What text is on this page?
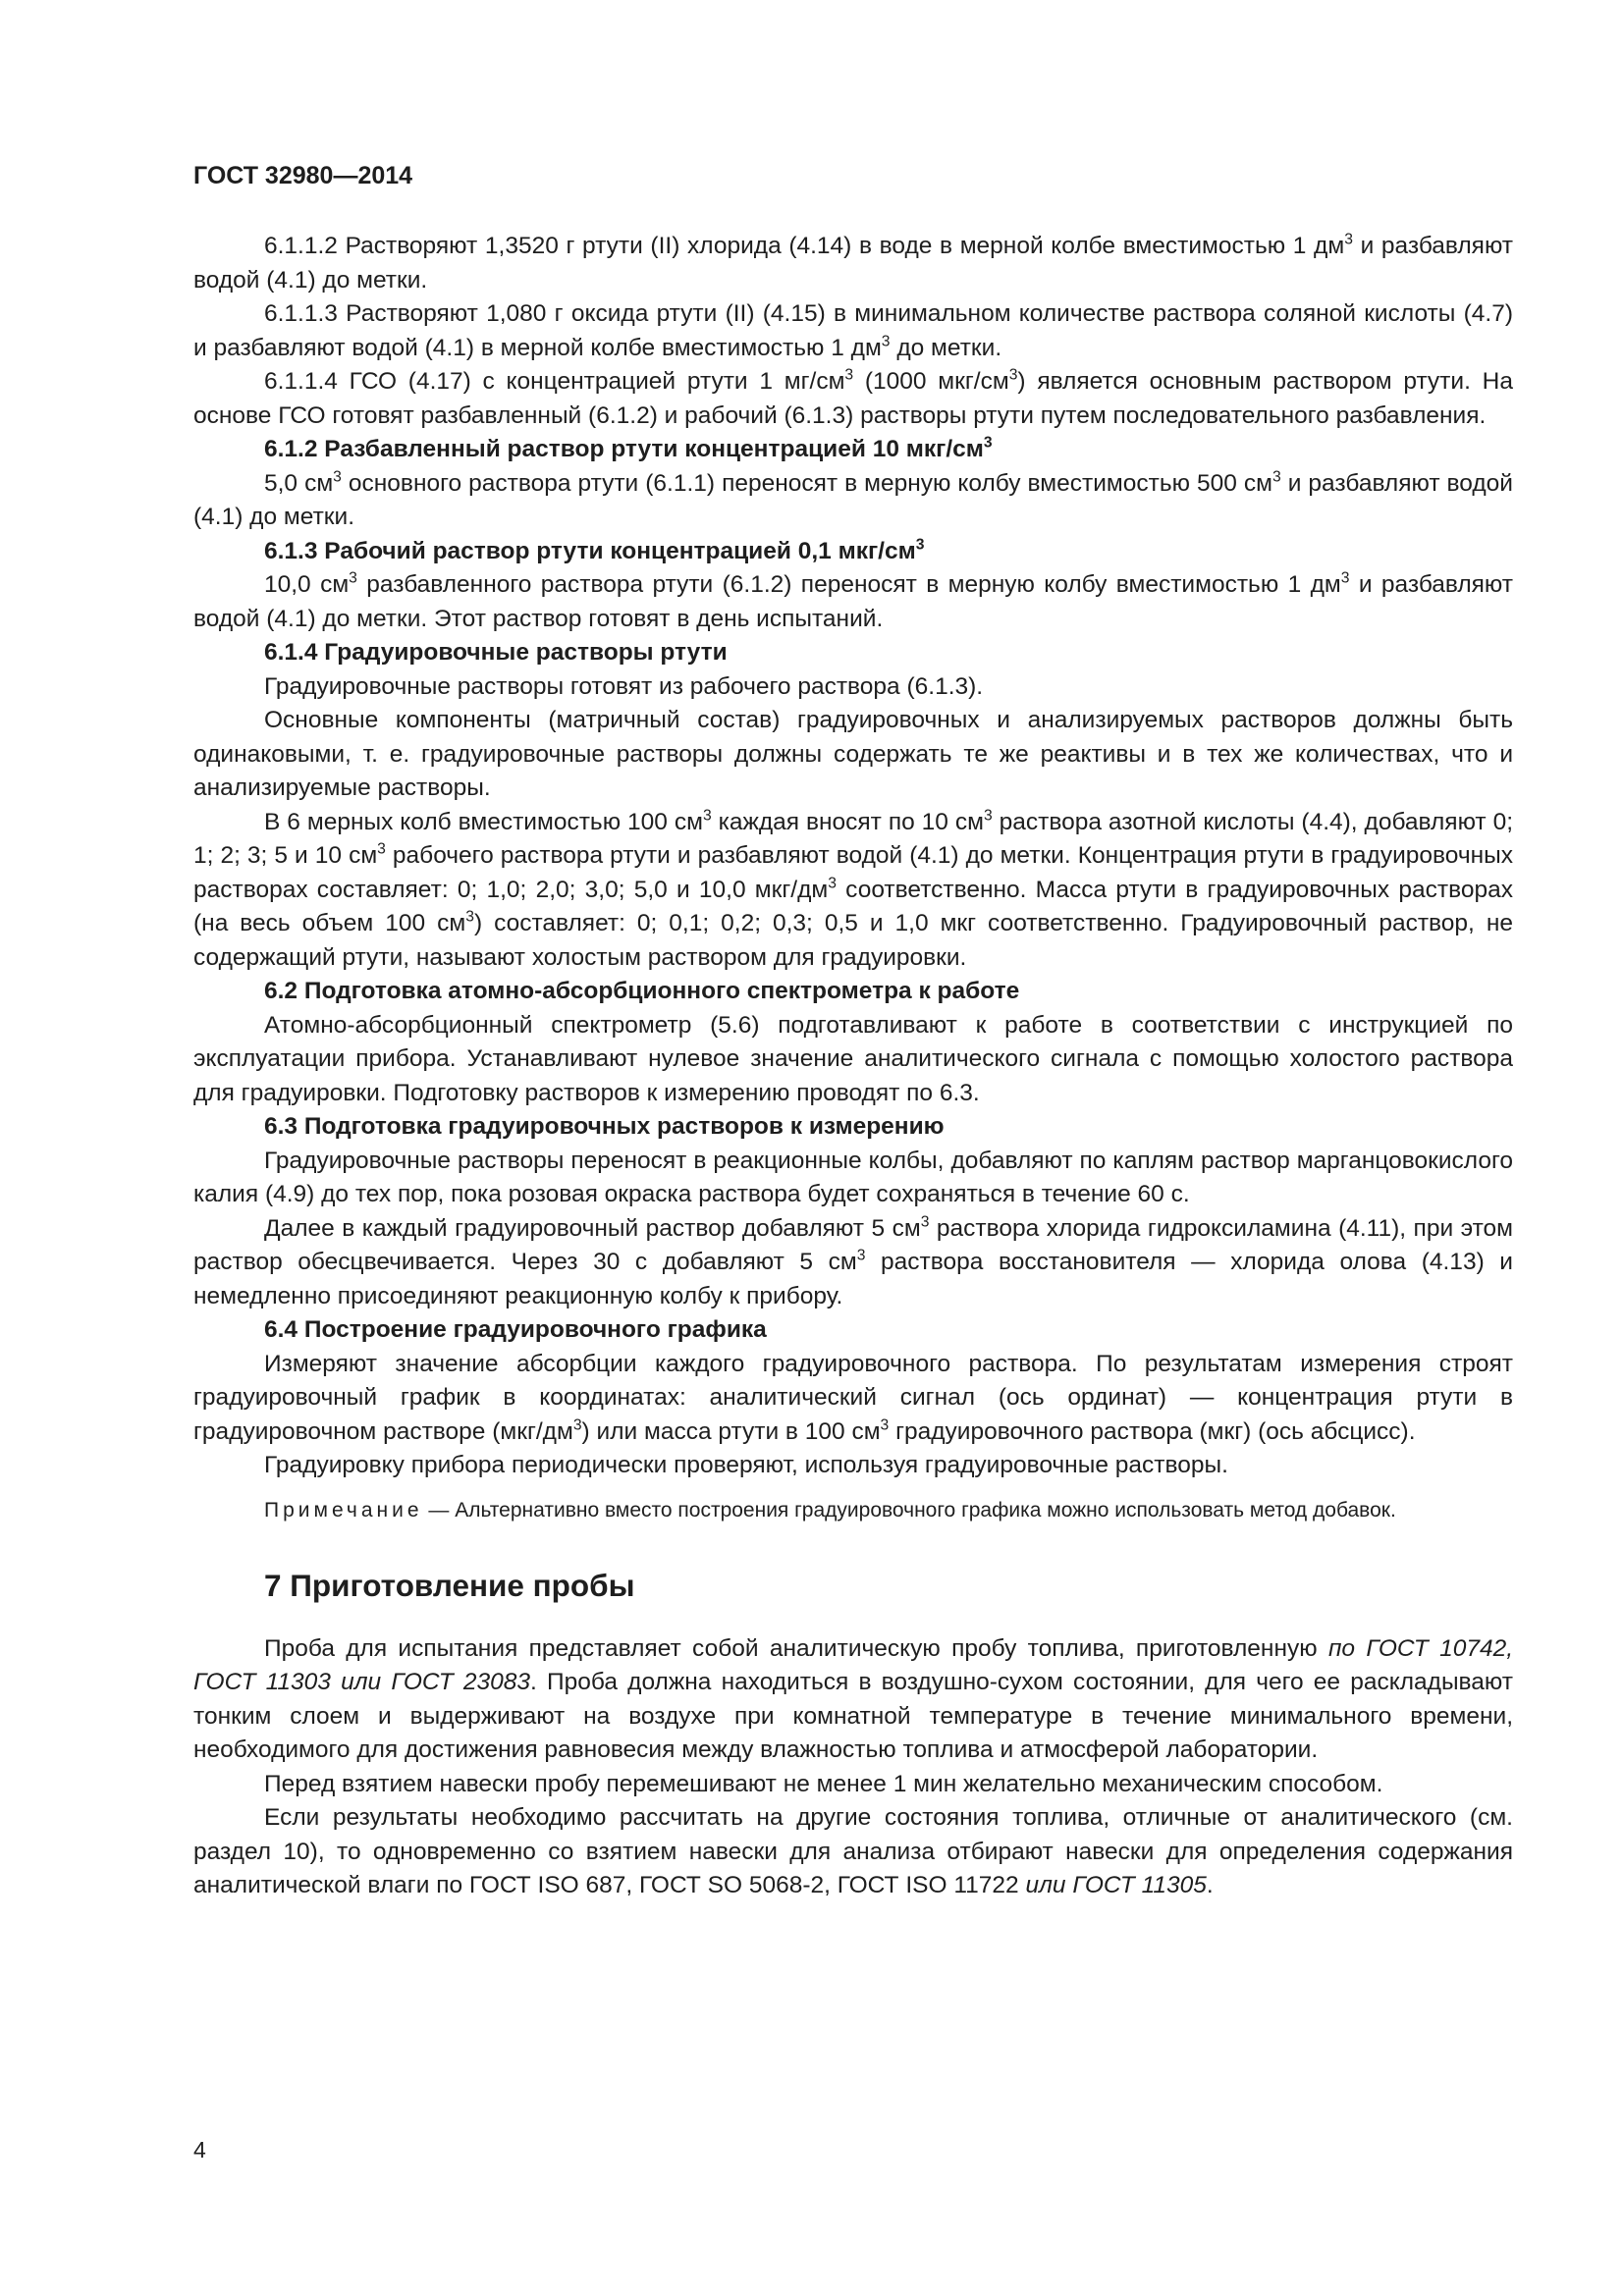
ГОСТ 32980—2014

6.1.1.2 Растворяют 1,3520 г ртути (II) хлорида (4.14) в воде в мерной колбе вместимостью 1 $дм^3$ и разбавляют водой (4.1) до метки.

6.1.1.3 Растворяют 1,080 г оксида ртути (II) (4.15) в минимальном количестве раствора соляной кислоты (4.7) и разбавляют водой (4.1) в мерной колбе вместимостью 1 $дм^3$ до метки.

6.1.1.4 ГСО (4.17) с концентрацией ртути 1 $мг/см^3$ (1000 мкг/$см^3$) является основным раствором ртути. На основе ГСО готовят разбавленный (6.1.2) и рабочий (6.1.3) растворы ртути путем последовательного разбавления.

6.1.2 Разбавленный раствор ртути концентрацией 10 мкг/$см^3$

5,0 $см^3$ основного раствора ртути (6.1.1) переносят в мерную колбу вместимостью 500 $см^3$ и разбавляют водой (4.1) до метки.

6.1.3 Рабочий раствор ртути концентрацией 0,1 мкг/$см^3$

10,0 $см^3$ разбавленного раствора ртути (6.1.2) переносят в мерную колбу вместимостью 1 $дм^3$ и разбавляют водой (4.1) до метки. Этот раствор готовят в день испытаний.

6.1.4 Градуировочные растворы ртути

Градуировочные растворы готовят из рабочего раствора (6.1.3).

Основные компоненты (матричный состав) градуировочных и анализируемых растворов должны быть одинаковыми, т. е. градуировочные растворы должны содержать те же реактивы и в тех же количествах, что и анализируемые растворы.

В 6 мерных колб вместимостью 100 $см^3$ каждая вносят по 10 $см^3$ раствора азотной кислоты (4.4), добавляют 0; 1; 2; 3; 5 и 10 $см^3$ рабочего раствора ртути и разбавляют водой (4.1) до метки. Концентрация ртути в градуировочных растворах составляет: 0; 1,0; 2,0; 3,0; 5,0 и 10,0 мкг/$дм^3$ соответственно. Масса ртути в градуировочных растворах (на весь объем 100 $см^3$) составляет: 0; 0,1; 0,2; 0,3; 0,5 и 1,0 мкг соответственно. Градуировочный раствор, не содержащий ртути, называют холостым раствором для градуировки.

6.2 Подготовка атомно-абсорбционного спектрометра к работе

Атомно-абсорбционный спектрометр (5.6) подготавливают к работе в соответствии с инструкцией по эксплуатации прибора. Устанавливают нулевое значение аналитического сигнала с помощью холостого раствора для градуировки. Подготовку растворов к измерению проводят по 6.3.

6.3 Подготовка градуировочных растворов к измерению

Градуировочные растворы переносят в реакционные колбы, добавляют по каплям раствор марганцовокислого калия (4.9) до тех пор, пока розовая окраска раствора будет сохраняться в течение 60 с.

Далее в каждый градуировочный раствор добавляют 5 $см^3$ раствора хлорида гидроксиламина (4.11), при этом раствор обесцвечивается. Через 30 с добавляют 5 $см^3$ раствора восстановителя — хлорида олова (4.13) и немедленно присоединяют реакционную колбу к прибору.

6.4 Построение градуировочного графика

Измеряют значение абсорбции каждого градуировочного раствора. По результатам измерения строят градуировочный график в координатах: аналитический сигнал (ось ординат) — концентрация ртути в градуировочном растворе $(мкг/дм^3)$ или масса ртути в 100 $см^3$ градуировочного раствора (мкг) (ось абсцисс).

Градуировку прибора периодически проверяют, используя градуировочные растворы.

Примечание — Альтернативно вместо построения градуировочного графика можно использовать метод добавок.

7 Приготовление пробы

Проба для испытания представляет собой аналитическую пробу топлива, приготовленную по ГОСТ 10742, ГОСТ 11303 или ГОСТ 23083. Проба должна находиться в воздушно-сухом состоянии, для чего ее раскладывают тонким слоем и выдерживают на воздухе при комнатной температуре в течение минимального времени, необходимого для достижения равновесия между влажностью топлива и атмосферой лаборатории.

Перед взятием навески пробу перемешивают не менее 1 мин желательно механическим способом.

Если результаты необходимо рассчитать на другие состояния топлива, отличные от аналитического (см. раздел 10), то одновременно со взятием навески для анализа отбирают навески для определения содержания аналитической влаги по ГОСТ ISO 687, ГОСТ SO 5068-2, ГОСТ ISO 11722 или ГОСТ 11305.

4
